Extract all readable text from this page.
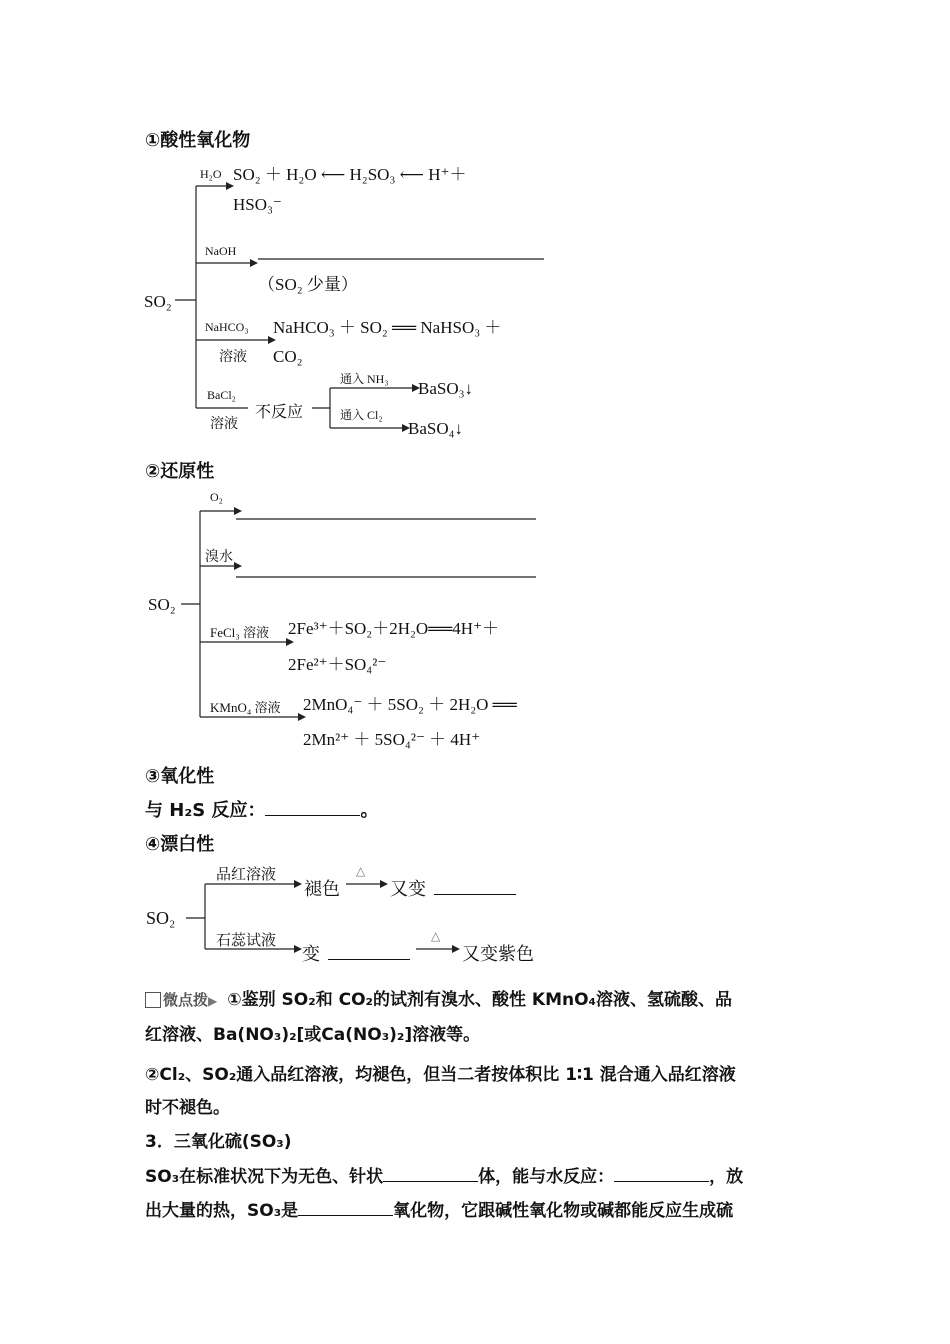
①酸性氧化物
SO₂
H₂O SO₂ ＋ H₂O ⟵ H₂SO₃ ⟵ H⁺＋
HSO₃⁻
NaOH
（SO₂ 少量）
NaHCO₃
溶液
NaHCO₃ ＋ SO₂ ══ NaHSO₃ ＋
CO₂
BaCl₂
溶液
不反应
通入 NH₃ BaSO₃↓
通入 Cl₂
BaSO₄↓
②还原性
SO₂
O₂
溴水
FeCl₃ 溶液 2Fe³⁺＋SO₂＋2H₂O══4H⁺＋
2Fe²⁺＋SO₄²⁻
KMnO₄ 溶液 2MnO₄⁻ ＋ 5SO₂ ＋ 2H₂O ══
2Mn²⁺ ＋ 5SO₄²⁻ ＋ 4H⁺
③氧化性
与 H₂S 反应：	。
④漂白性
SO₂
品红溶液
褪色
△
又变
石蕊试液
变
△
又变紫色
微点拨▶ ①鉴别 SO₂和 CO₂的试剂有溴水、酸性 KMnO₄溶液、氢硫酸、品
红溶液、Ba(NO₃)₂[或Ca(NO₃)₂]溶液等。
②Cl₂、SO₂通入品红溶液，均褪色，但当二者按体积比 1∶1 混合通入品红溶液
时不褪色。
3．三氧化硫(SO₃)
SO₃在标准状况下为无色、针状	体，能与水反应：	，放
出大量的热，SO₃是	氧化物，它跟碱性氧化物或碱都能反应生成硫
